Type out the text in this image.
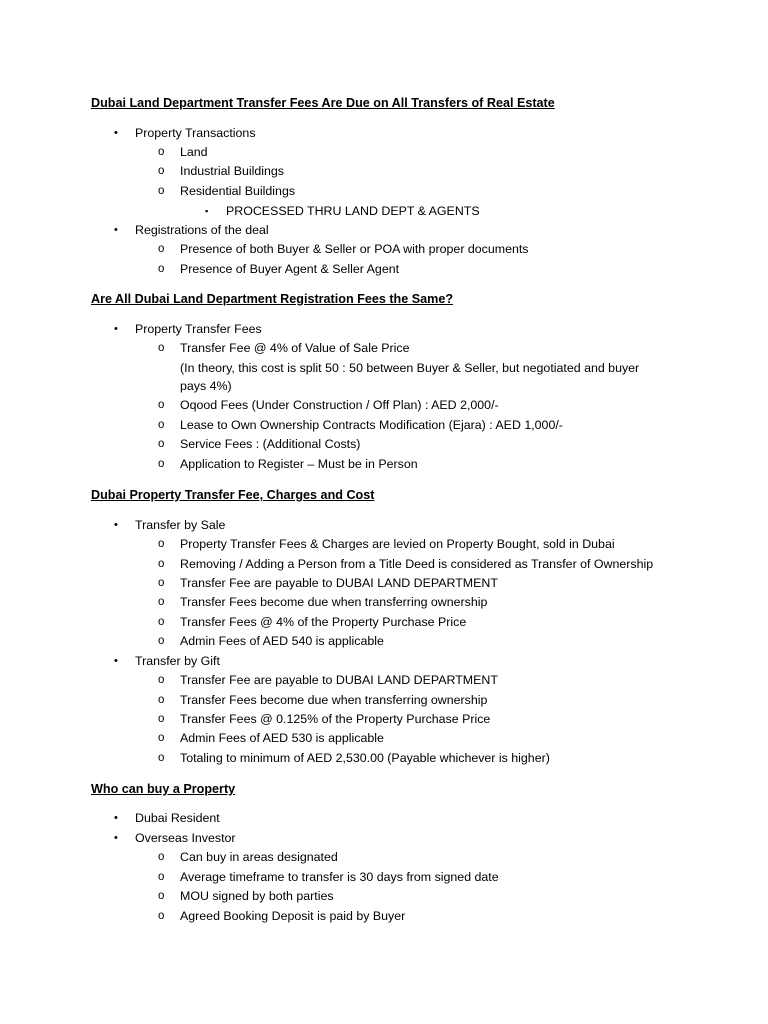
Dubai Land Department Transfer Fees Are Due on All Transfers of Real Estate
• Property Transactions
o Land
o Industrial Buildings
o Residential Buildings
▪ PROCESSED THRU LAND DEPT & AGENTS
• Registrations of the deal
o Presence of both Buyer & Seller or POA with proper documents
o Presence of Buyer Agent & Seller Agent
Are All Dubai Land Department Registration Fees the Same?
• Property Transfer Fees
o Transfer Fee @ 4% of Value of Sale Price
(In theory, this cost is split 50 : 50 between Buyer & Seller, but negotiated and buyer
pays 4%)
o Oqood Fees (Under Construction / Off Plan) : AED 2,000/-
o Lease to Own Ownership Contracts Modification (Ejara) : AED 1,000/-
o Service Fees : (Additional Costs)
o Application to Register – Must be in Person
Dubai Property Transfer Fee, Charges and Cost
• Transfer by Sale
o Property Transfer Fees & Charges are levied on Property Bought, sold in Dubai
o Removing / Adding a Person from a Title Deed is considered as Transfer of Ownership
o Transfer Fee are payable to DUBAI LAND DEPARTMENT
o Transfer Fees become due when transferring ownership
o Transfer Fees @ 4% of the Property Purchase Price
o Admin Fees of AED 540 is applicable
• Transfer by Gift
o Transfer Fee are payable to DUBAI LAND DEPARTMENT
o Transfer Fees become due when transferring ownership
o Transfer Fees @ 0.125% of the Property Purchase Price
o Admin Fees of AED 530 is applicable
o Totaling to minimum of AED 2,530.00 (Payable whichever is higher)
Who can buy a Property
• Dubai Resident
• Overseas Investor
o Can buy in areas designated
o Average timeframe to transfer is 30 days from signed date
o MOU signed by both parties
o Agreed Booking Deposit is paid by Buyer
